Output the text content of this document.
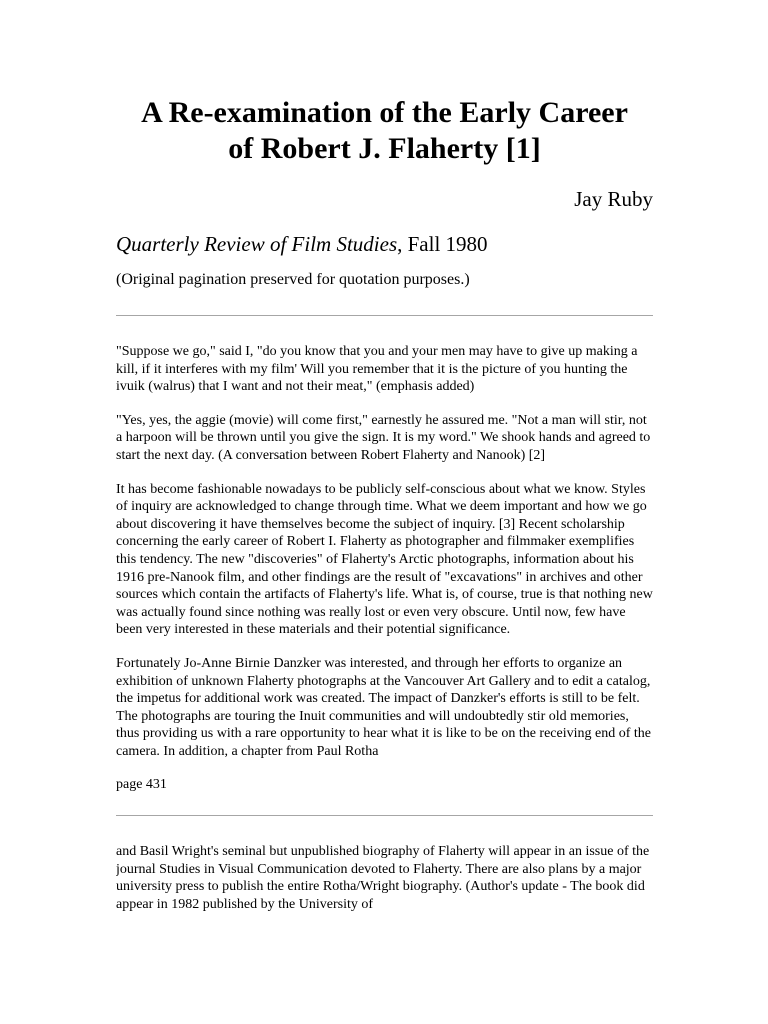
A Re-examination of the Early Career
of Robert J. Flaherty [1]
Jay Ruby
Quarterly Review of Film Studies, Fall 1980
(Original pagination preserved for quotation purposes.)

"Suppose we go," said I, "do you know that you and your men may have to give up making a kill, if it interferes with my film' Will you remember that it is the picture of you hunting the ivuik (walrus) that I want and not their meat," (emphasis added)

"Yes, yes, the aggie (movie) will come first," earnestly he assured me. "Not a man will stir, not a harpoon will be thrown until you give the sign. It is my word." We shook hands and agreed to start the next day. (A conversation between Robert Flaherty and Nanook) [2]

It has become fashionable nowadays to be publicly self-conscious about what we know. Styles of inquiry are acknowledged to change through time. What we deem important and how we go about discovering it have themselves become the subject of inquiry. [3] Recent scholarship concerning the early career of Robert I. Flaherty as photographer and filmmaker exemplifies this tendency. The new "discoveries" of Flaherty's Arctic photographs, information about his 1916 pre-Nanook film, and other findings are the result of "excavations" in archives and other sources which contain the artifacts of Flaherty's life. What is, of course, true is that nothing new was actually found since nothing was really lost or even very obscure. Until now, few have been very interested in these materials and their potential significance.

Fortunately Jo-Anne Birnie Danzker was interested, and through her efforts to organize an exhibition of unknown Flaherty photographs at the Vancouver Art Gallery and to edit a catalog, the impetus for additional work was created. The impact of Danzker's efforts is still to be felt. The photographs are touring the Inuit communities and will undoubtedly stir old memories, thus providing us with a rare opportunity to hear what it is like to be on the receiving end of the camera. In addition, a chapter from Paul Rotha

page 431

and Basil Wright's seminal but unpublished biography of Flaherty will appear in an issue of the journal Studies in Visual Communication devoted to Flaherty. There are also plans by a major university press to publish the entire Rotha/Wright biography. (Author's update - The book did appear in 1982 published by the University of
